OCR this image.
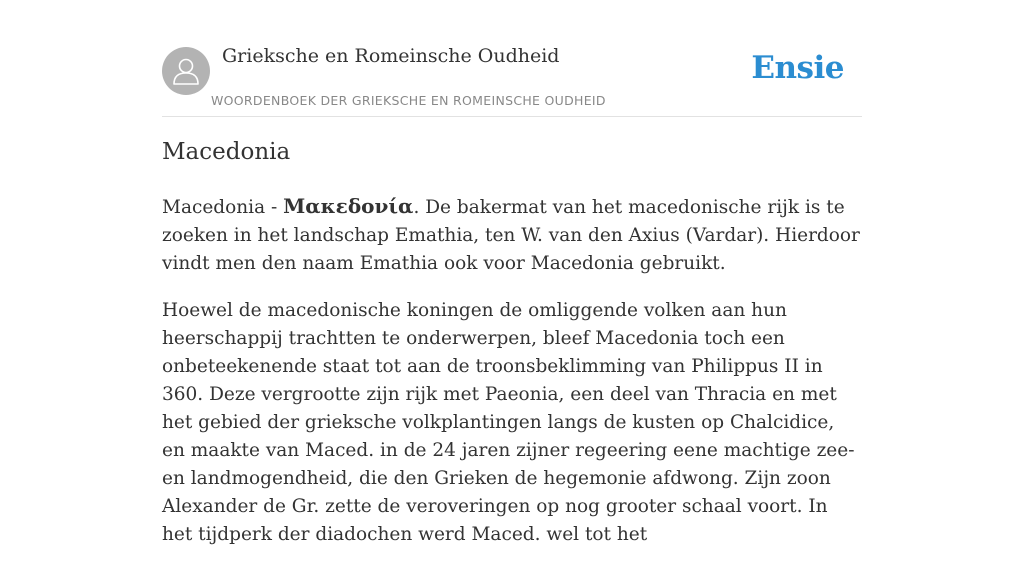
Grieksche en Romeinsche Oudheid
WOORDENBOEK DER GRIEKSCHE EN ROMEINSCHE OUDHEID
Ensie
Macedonia

Macedonia - Μακεδονία. De bakermat van het macedonische rijk is te zoeken in het landschap Emathia, ten W. van den Axius (Vardar). Hierdoor vindt men den naam Emathia ook voor Macedonia gebruikt.

Hoewel de macedonische koningen de omliggende volken aan hun heerschappij trachtten te onderwerpen, bleef Macedonia toch een onbeteekenende staat tot aan de troonsbeklimming van Philippus II in 360. Deze vergrootte zijn rijk met Paeonia, een deel van Thracia en met het gebied der grieksche volkplantingen langs de kusten op Chalcidice, en maakte van Maced. in de 24 jaren zijner regeering eene machtige zee- en landmogendheid, die den Grieken de hegemonie afdwong. Zijn zoon Alexander de Gr. zette de veroveringen op nog grooter schaal voort. In het tijdperk der diadochen werd Maced. wel tot het
